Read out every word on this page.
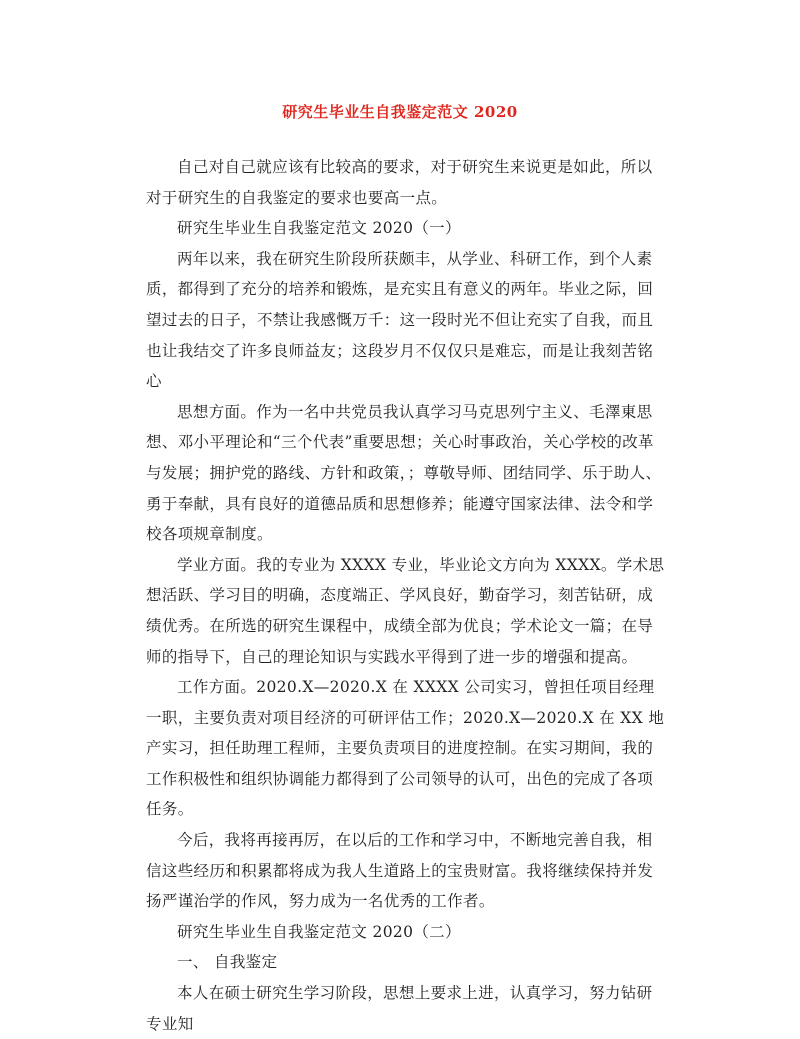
研究生毕业生自我鉴定范文 2020

自己对自己就应该有比较高的要求，对于研究生来说更是如此，所以对于研究生的自我鉴定的要求也要高一点。

研究生毕业生自我鉴定范文 2020（一）

两年以来，我在研究生阶段所获颇丰，从学业、科研工作，到个人素质，都得到了充分的培养和锻炼，是充实且有意义的两年。毕业之际，回望过去的日子，不禁让我感慨万千：这一段时光不但让充实了自我，而且也让我结交了许多良师益友；这段岁月不仅仅只是难忘，而是让我刻苦铭心

思想方面。作为一名中共党员我认真学习马克思列宁主义、毛澤東思想、邓小平理论和“三个代表”重要思想；关心时事政治，关心学校的改革与发展；拥护党的路线、方针和政策，；尊敬导师、团结同学、乐于助人、勇于奉献，具有良好的道德品质和思想修养；能遵守国家法律、法令和学校各项规章制度。

学业方面。我的专业为 XXXX 专业，毕业论文方向为 XXXX。学术思想活跃、学习目的明确，态度端正、学风良好，勤奋学习，刻苦钻研，成绩优秀。在所选的研究生课程中，成绩全部为优良；学术论文一篇；在导师的指导下，自己的理论知识与实践水平得到了进一步的增强和提高。

工作方面。2020.X—2020.X 在 XXXX 公司实习，曾担任项目经理一职，主要负责对项目经济的可研评估工作；2020.X—2020.X 在 XX 地产实习，担任助理工程师，主要负责项目的进度控制。在实习期间，我的工作积极性和组织协调能力都得到了公司领导的认可，出色的完成了各项任务。

今后，我将再接再厉，在以后的工作和学习中，不断地完善自我，相信这些经历和积累都将成为我人生道路上的宝贵财富。我将继续保持并发扬严谨治学的作风，努力成为一名优秀的工作者。

研究生毕业生自我鉴定范文 2020（二）

一、 自我鉴定

本人在硕士研究生学习阶段，思想上要求上进，认真学习，努力钻研专业知
